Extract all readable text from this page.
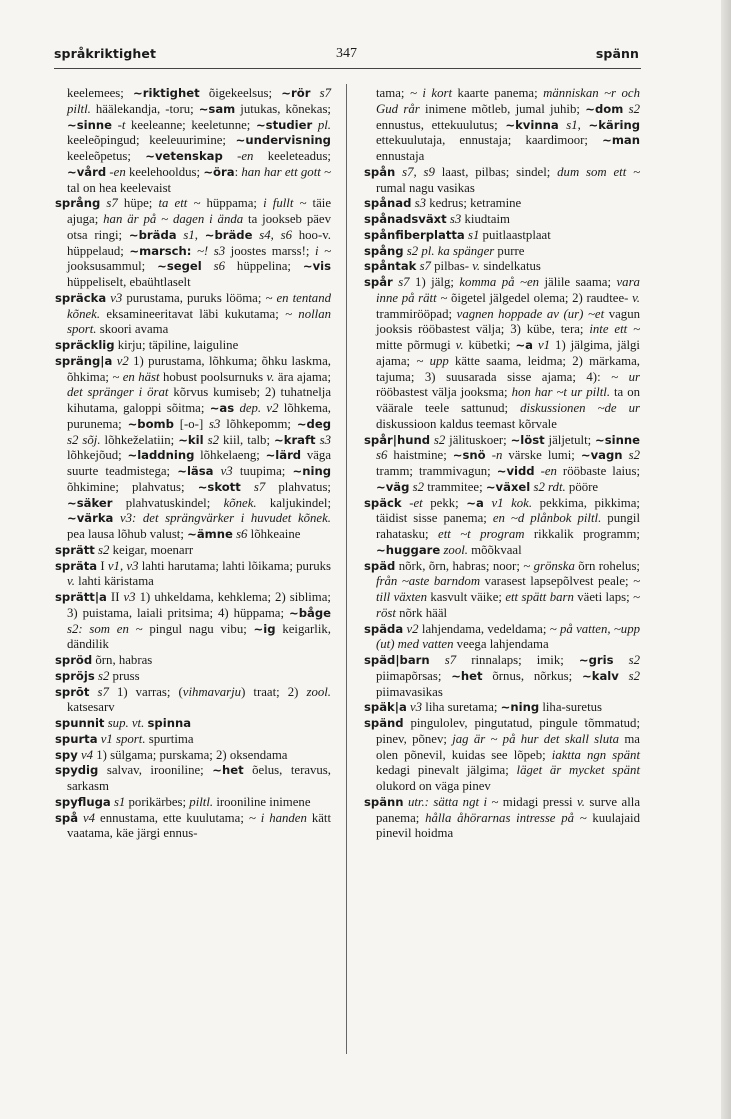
språkriktighet	347	spänn

keelemees; ~riktighet õigekeelsus; ~rör s7 piltl. häälekandja, -toru; ~sam jutukas, kõnekas; ~sinne -t keeleanne; keeletunne; ~studier pl. keeleõpingud; keeleuurimine; ~undervisning keeleõpetus; ~vetenskap -en keeleteadus; ~vård -en keelehooldus; ~öra: han har ett gott ~ tal on hea keelevaist

språng s7 hüpe; ta ett ~ hüppama; i fullt ~ täie ajuga; han är på ~ dagen i ända ta jookseb päev otsa ringi; ~bräda s1, ~bräde s4, s6 hoo-v. hüppelaud; ~marsch: ~! s3 joostes marss!; i ~ jooksusammul; ~segel s6 hüppelina; ~vis hüppeliselt, ebaühtlaselt

spräcka v3 purustama, puruks lööma; ~ en tentand kõnek. eksamineeritavat läbi kukutama; ~ nollan sport. skoori avama

spräcklig kirju; täpiline, laiguline

spräng|a v2 1) purustama, lõhkuma; õhku laskma, õhkima; ~ en häst hobust poolsurnuks v. ära ajama; det spränger i örat kõrvus kumiseb; 2) tuhatnelja kihutama, galoppi sõitma; ~as dep. v2 lõhkema, purunema; ~bomb [-o-] s3 lõhkepomm; ~deg s2 sõj. lõhkeželatiin; ~kil s2 kiil, talb; ~kraft s3 lõhkejõud; ~laddning lõhkelaeng; ~lärd väga suurte teadmistega; ~läsa v3 tuupima; ~ning õhkimine; plahvatus; ~skott s7 plahvatus; ~säker plahvatuskindel; kõnek. kaljukindel; ~värka v3: det sprängvärker i huvudet kõnek. pea lausa lõhub valust; ~ämne s6 lõhkeaine

sprätt s2 keigar, moenarr

spräta I v1, v3 lahti harutama; lahti lõikama; puruks v. lahti käristama

sprätt|a II v3 1) uhkeldama, kehklema; 2) siblima; 3) puistama, laiali pritsima; 4) hüppama; ~båge s2: som en ~ pingul nagu vibu; ~ig keigarlik, dändilik

spröd õrn, habras

spröjs s2 pruss

sprōt s7 1) varras; (vihmavarju) traat; 2) zool. katsesarv

spunnit sup. vt. spinna

spurta v1 sport. spurtima

spy v4 1) sülgama; purskama; 2) oksendama

spydig salvav, irooniline; ~het õelus, teravus, sarkasm

spyfluga s1 porikärbes; piltl. irooniline inimene

spå v4 ennustama, ette kuulutama; ~ i handen kätt vaatama, käe järgi ennus-

tama; ~ i kort kaarte panema; människan ~r och Gud rår inimene mõtleb, jumal juhib; ~dom s2 ennustus, ettekuulutus; ~kvinna s1, ~käring ettekuulutaja, ennustaja; kaardimoor; ~man ennustaja

spån s7, s9 laast, pilbas; sindel; dum som ett ~ rumal nagu vasikas

spånad s3 kedrus; ketramine

spånadsväxt s3 kiudtaim

spånfiberplatta s1 puitlaastplaat

spång s2 pl. ka spänger purre

spåntak s7 pilbas- v. sindelkatus

spår s7 1) jälg; komma på ~en jälile saama; vara inne på rätt ~ õigetel jälgedel olema; 2) raudtee- v. trammirööpad; vagnen hoppade av (ur) ~et vagun jooksis rööbastest välja; 3) kübe, tera; inte ett ~ mitte põrmugi v. kübetki; ~a v1 1) jälgima, jälgi ajama; ~ upp kätte saama, leidma; 2) märkama, tajuma; 3) suusarada sisse ajama; 4): ~ ur rööbastest välja jooksma; hon har ~t ur piltl. ta on väärale teele sattunud; diskussionen ~de ur diskussioon kaldus teemast kõrvale

spår|hund s2 jälituskoer; ~löst jäljetult; ~sinne s6 haistmine; ~snö -n värske lumi; ~vagn s2 tramm; trammivagun; ~vidd -en rööbaste laius; ~väg s2 trammitee; ~växel s2 rdt. pööre

späck -et pekk; ~a v1 kok. pekkima, pikkima; täidist sisse panema; en ~d plånbok piltl. pungil rahatasku; ett ~t program rikkalik programm; ~huggare zool. mõõkvaal

späd nõrk, õrn, habras; noor; ~ grönska õrn rohelus; från ~aste barndom varasest lapsepõlvest peale; ~ till växten kasvult väike; ett spätt barn väeti laps; ~ röst nõrk hääl

späda v2 lahjendama, vedeldama; ~ på vatten, ~upp (ut) med vatten veega lahjendama

späd|barn s7 rinnalaps; imik; ~gris s2 piimapõrsas; ~het õrnus, nõrkus; ~kalv s2 piimavasikas

späk|a v3 liha suretama; ~ning liha-suretus

spänd pingulolev, pingutatud, pingule tõmmatud; pinev, põnev; jag är ~ på hur det skall sluta ma olen põnevil, kuidas see lõpeb; iaktta ngn spänt kedagi pinevalt jälgima; läget är mycket spänt olukord on väga pinev

spänn utr.: sätta ngt i ~ midagi pressi v. surve alla panema; hålla åhörarnas intresse på ~ kuulajaid pinevil hoidma
